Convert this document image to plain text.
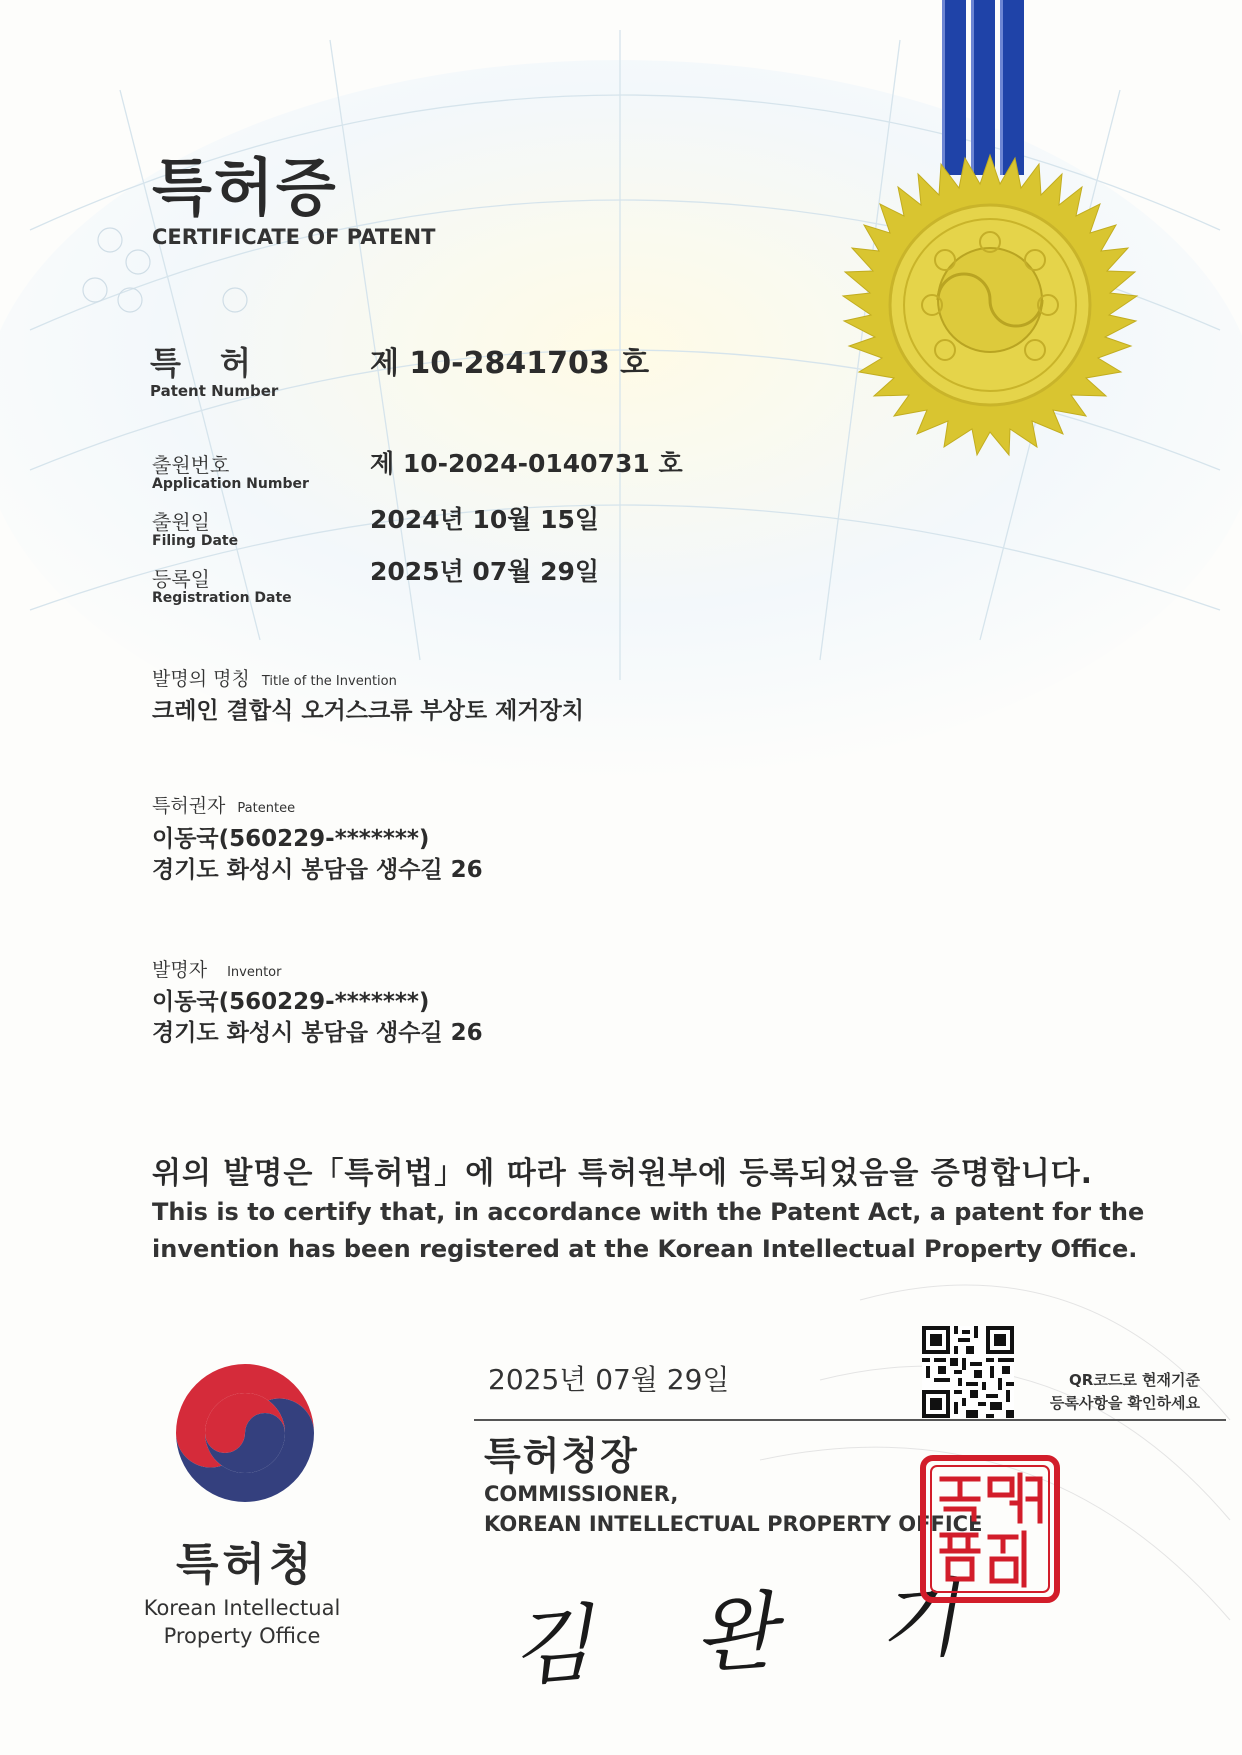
특허증
CERTIFICATE OF PATENT
특 허
Patent Number
제 10-2841703 호
출원번호
Application Number
제 10-2024-0140731 호
출원일
Filing Date
2024년 10월 15일
등록일
Registration Date
2025년 07월 29일
발명의 명칭 Title of the Invention
크레인 결합식 오거스크류 부상토 제거장치
특허권자 Patentee
이동국(560229-*******)
경기도 화성시 봉담읍 생수길 26
발명자 Inventor
이동국(560229-*******)
경기도 화성시 봉담읍 생수길 26
위의 발명은「특허법」에 따라 특허원부에 등록되었음을 증명합니다.
This is to certify that, in accordance with the Patent Act, a patent for the
invention has been registered at the Korean Intellectual Property Office.
2025년 07월 29일	QR코드로 현재기준
등록사항을 확인하세요
특허청장
COMMISSIONER,
KOREAN INTELLECTUAL PROPERTY OFFICE
김 완 기
특허청
Korean Intellectual
Property Office
